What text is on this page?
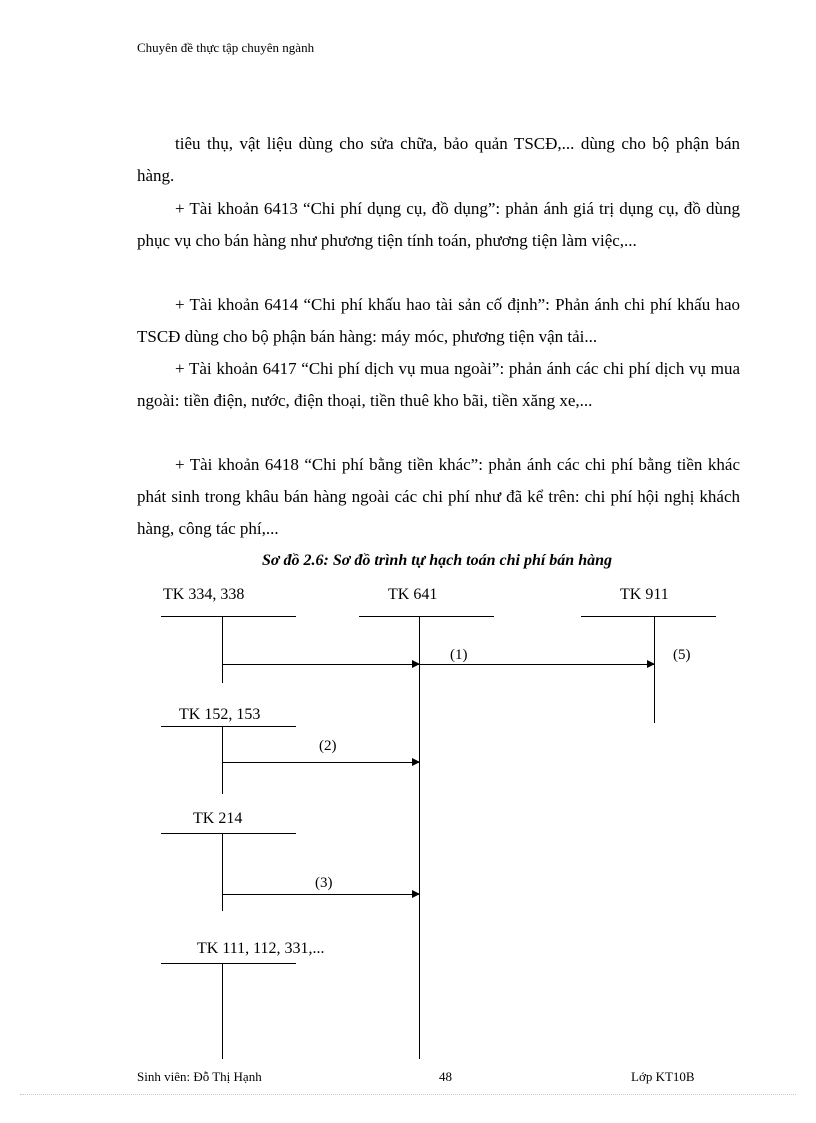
Chuyên đề thực tập chuyên ngành
tiêu thụ, vật liệu dùng cho sửa chữa, bảo quản TSCĐ,... dùng cho bộ phận bán hàng.
+ Tài khoản 6413 “Chi phí dụng cụ, đồ dụng”: phản ánh giá trị dụng cụ, đồ dùng phục vụ cho bán hàng như phương tiện tính toán, phương tiện làm việc,...
+ Tài khoản 6414 “Chi phí khấu hao tài sản cố định”: Phản ánh chi phí khấu hao TSCĐ dùng cho bộ phận bán hàng: máy móc, phương tiện vận tải...
+ Tài khoản 6417 “Chi phí dịch vụ mua ngoài”: phản ánh các chi phí dịch vụ mua ngoài: tiền điện, nước, điện thoại, tiền thuê kho bãi, tiền xăng xe,...
+ Tài khoản 6418 “Chi phí bằng tiền khác”: phản ánh các chi phí bằng tiền khác phát sinh trong khâu bán hàng ngoài các chi phí như đã kể trên: chi phí hội nghị khách hàng, công tác phí,...
Sơ đồ 2.6: Sơ đồ trình tự hạch toán chi phí bán hàng
TK 334, 338	TK 641	TK 911
(1)	(5)
TK 152, 153
(2)
TK 214
(3)
TK 111, 112, 331,...
Sinh viên: Đỗ Thị Hạnh	48	Lớp KT10B
